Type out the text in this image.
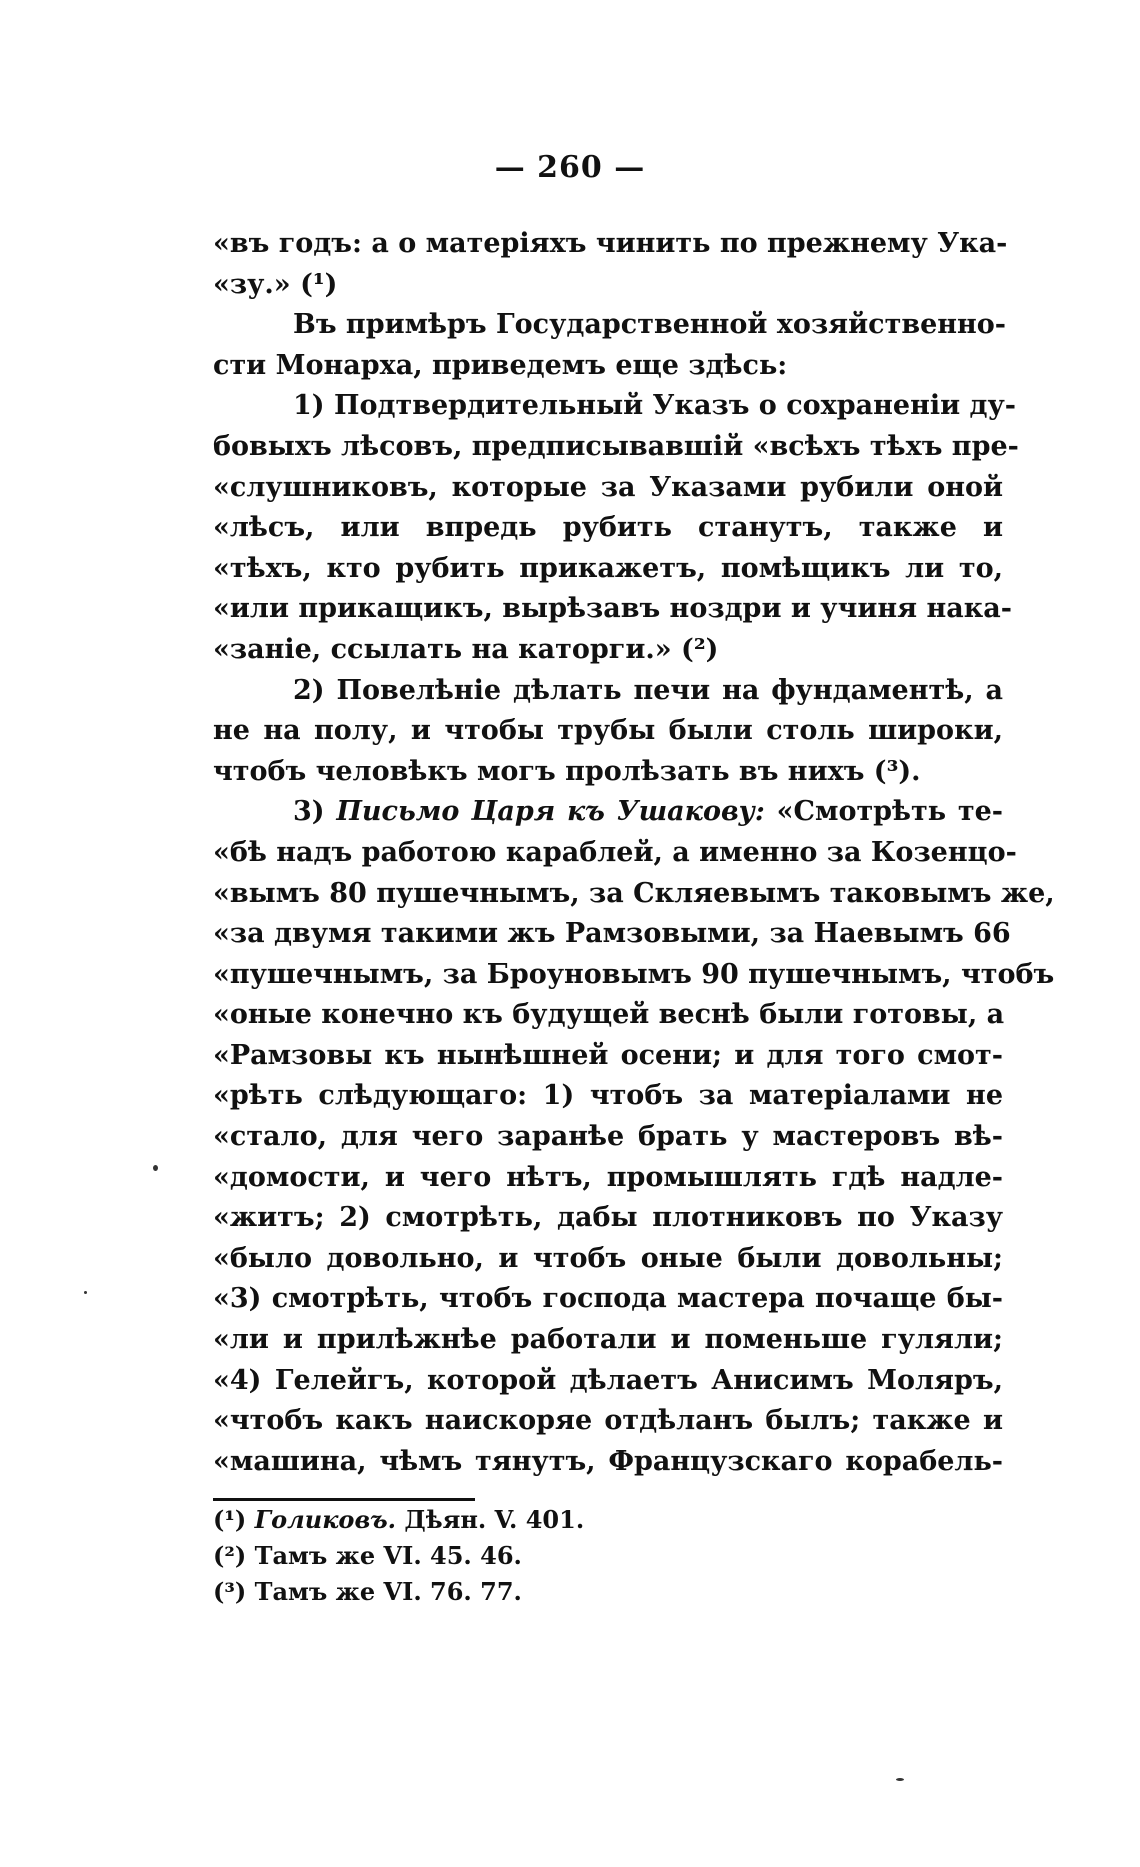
— 260 —
«въ годъ: а о матеріяхъ чинить по прежнему Ука-
«зу.» (¹)
Въ примѣръ Государственной хозяйственно-
сти Монарха, приведемъ еще здѣсь:
1) Подтвердительный Указъ о сохраненіи ду-
бовыхъ лѣсовъ, предписывавшій «всѣхъ тѣхъ пре-
«слушниковъ, которые за Указами рубили оной
«лѣсъ, или впредь рубить станутъ, также и
«тѣхъ, кто рубить прикажетъ, помѣщикъ ли то,
«или прикащикъ, вырѣзавъ ноздри и учиня нака-
«заніе, ссылать на каторги.» (²)
2) Повелѣніе дѣлать печи на фундаментѣ, а
не на полу, и чтобы трубы были столь широки,
чтобъ человѣкъ могъ пролѣзать въ нихъ (³).
3) Письмо Царя къ Ушакову: «Смотрѣть те-
«бѣ надъ работою караблей, а именно за Козенцо-
«вымъ 80 пушечнымъ, за Скляевымъ таковымъ же,
«за двумя такими жъ Рамзовыми, за Наевымъ 66
«пушечнымъ, за Броуновымъ 90 пушечнымъ, чтобъ
«оные конечно къ будущей веснѣ были готовы, а
«Рамзовы къ нынѣшней осени; и для того смот-
«рѣть слѣдующаго: 1) чтобъ за матеріалами не
«стало, для чего заранѣе брать у мастеровъ вѣ-
«домости, и чего нѣтъ, промышлять гдѣ надле-
«житъ; 2) смотрѣть, дабы плотниковъ по Указу
«было довольно, и чтобъ оные были довольны;
«3) смотрѣть, чтобъ господа мастера почаще бы-
«ли и прилѣжнѣе работали и поменьше гуляли;
«4) Гелейгъ, которой дѣлаетъ Анисимъ Моляръ,
«чтобъ какъ наискоряе отдѣланъ былъ; также и
«машина, чѣмъ тянутъ, Французскаго корабель-
(¹) Голиковъ. Дѣян. V. 401.
(²) Тамъ же VI. 45. 46.
(³) Тамъ же VI. 76. 77.
